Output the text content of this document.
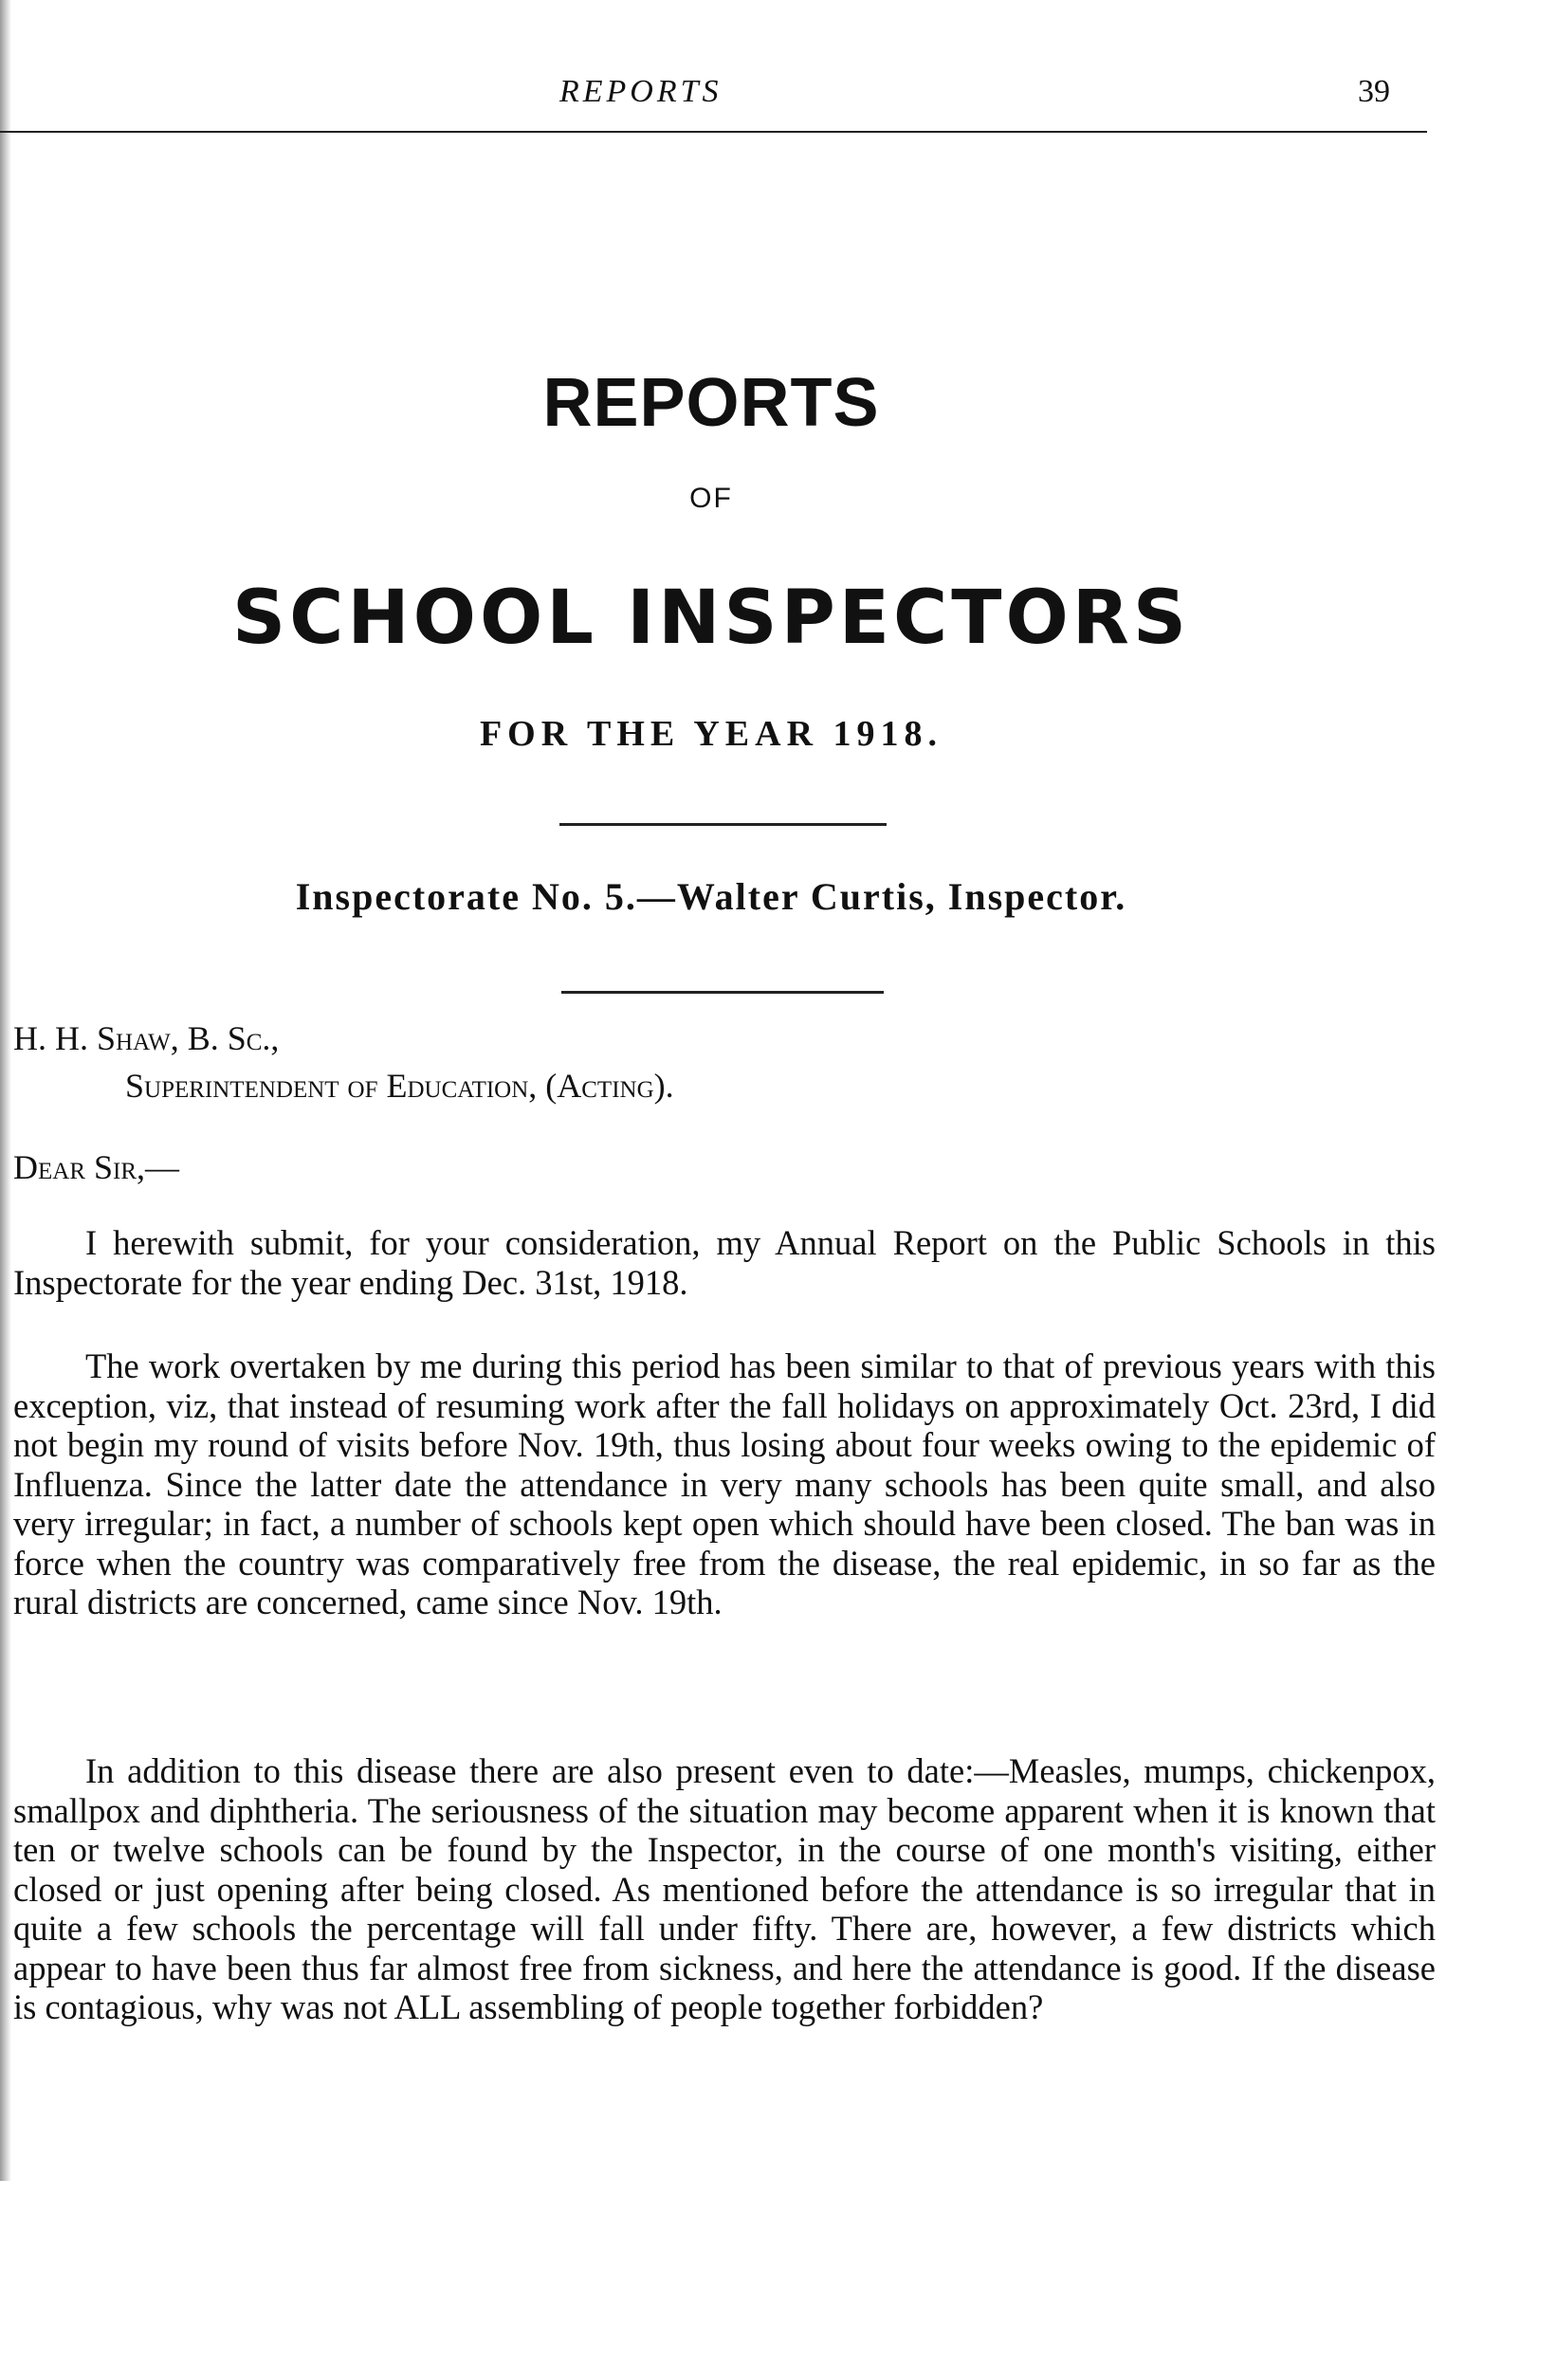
REPORTS	39
REPORTS
OF
SCHOOL INSPECTORS
FOR THE YEAR 1918.
Inspectorate No. 5.—Walter Curtis, Inspector.
H. H. Shaw, B. Sc.,
Superintendent of Education, (Acting).
Dear Sir,—

I herewith submit, for your consideration, my Annual Report on the Public Schools in this Inspectorate for the year ending Dec. 31st, 1918.

The work overtaken by me during this period has been similar to that of previous years with this exception, viz, that instead of resuming work after the fall holidays on approximately Oct. 23rd, I did not begin my round of visits before Nov. 19th, thus losing about four weeks owing to the epidemic of Influenza. Since the latter date the attendance in very many schools has been quite small, and also very irregular; in fact, a number of schools kept open which should have been closed. The ban was in force when the country was comparatively free from the disease, the real epidemic, in so far as the rural districts are concerned, came since Nov. 19th.

In addition to this disease there are also present even to date:—Measles, mumps, chickenpox, smallpox and diphtheria. The seriousness of the situation may become apparent when it is known that ten or twelve schools can be found by the Inspector, in the course of one month's visiting, either closed or just opening after being closed. As mentioned before the attendance is so irregular that in quite a few schools the percentage will fall under fifty. There are, however, a few districts which appear to have been thus far almost free from sickness, and here the attendance is good. If the disease is contagious, why was not ALL assembling of people together forbidden?
